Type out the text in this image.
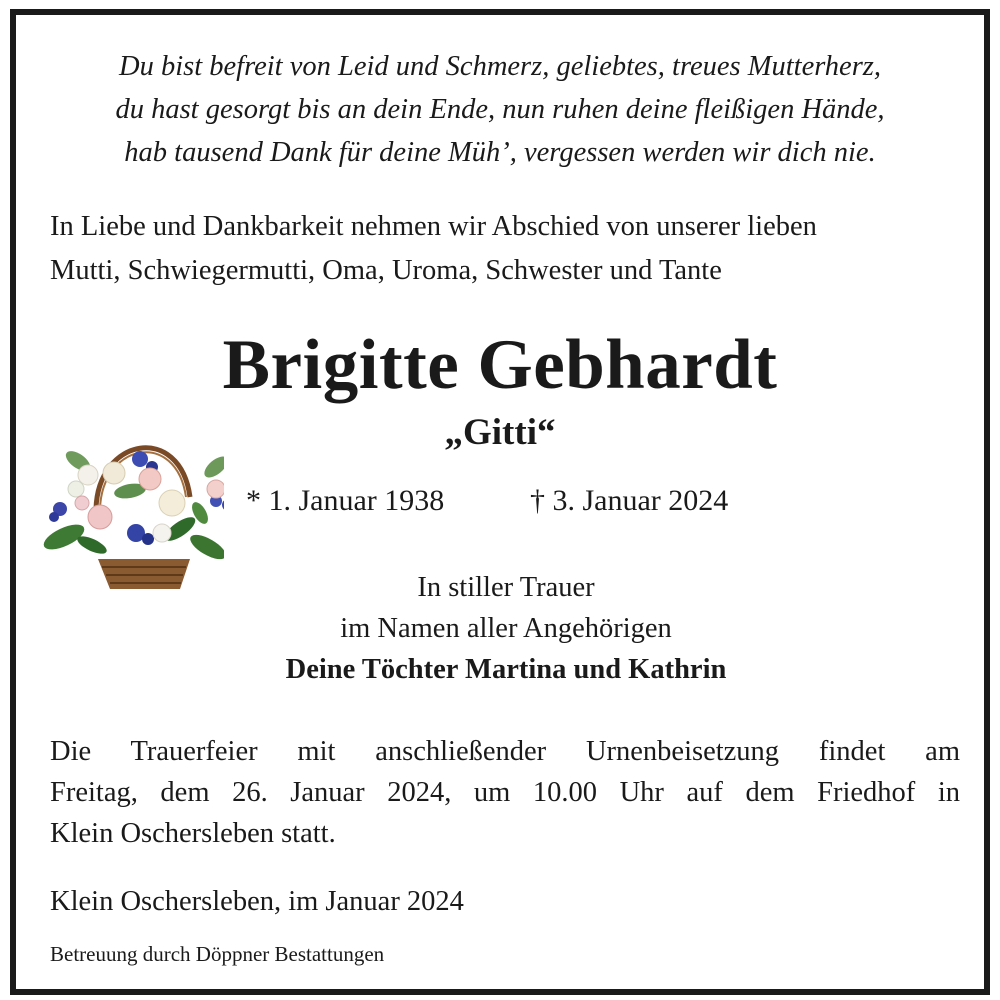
Du bist befreit von Leid und Schmerz, geliebtes, treues Mutterherz,
du hast gesorgt bis an dein Ende, nun ruhen deine fleißigen Hände,
hab tausend Dank für deine Müh’, vergessen werden wir dich nie.
In Liebe und Dankbarkeit nehmen wir Abschied von unserer lieben
Mutti, Schwiegermutti, Oma, Uroma, Schwester und Tante
Brigitte Gebhardt
„Gitti“
* 1. Januar 1938	† 3. Januar 2024
In stiller Trauer
im Namen aller Angehörigen
Deine Töchter Martina und Kathrin
Die Trauerfeier mit anschließender Urnenbeisetzung findet am
Freitag, dem 26. Januar 2024, um 10.00 Uhr auf dem Friedhof in
Klein Oschersleben statt.
Klein Oschersleben, im Januar 2024
Betreuung durch Döppner Bestattungen
